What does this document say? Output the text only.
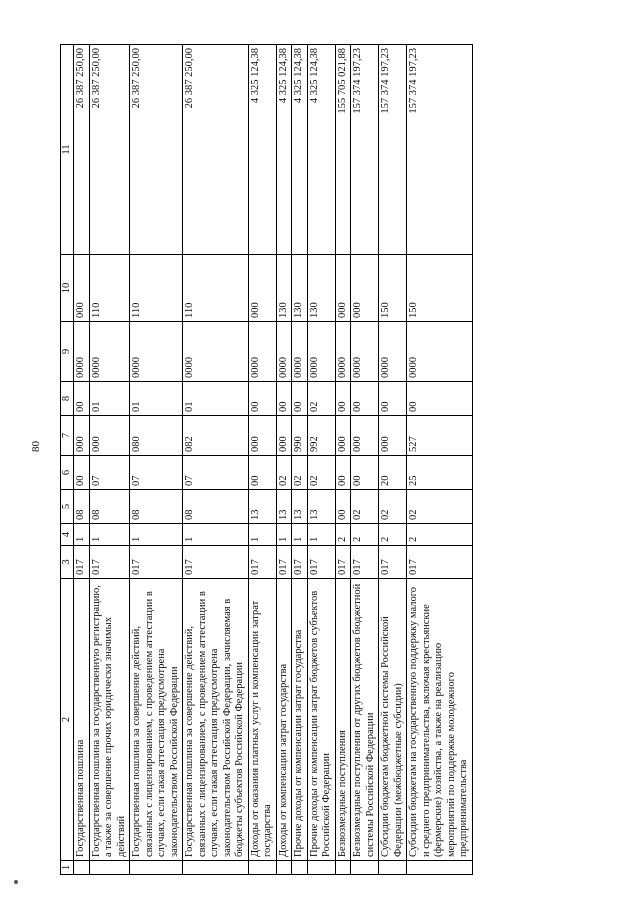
80
1	2	3	4	5	6	7	8	9	10	11
	Государственная пошлина	017	1	08	00	000	00	0000	000	26 387 250,00
	Государственная пошлина за государственную регистрацию, а также за совершение прочих юридически значимых действий	017	1	08	07	000	01	0000	110	26 387 250,00
	Государственная пошлина за совершение действий, связанных с лицензированием, с проведением аттестации в случаях, если такая аттестация предусмотрена законодательством Российской Федерации	017	1	08	07	080	01	0000	110	26 387 250,00
	Государственная пошлина за совершение действий, связанных с лицензированием, с проведением аттестации в случаях, если такая аттестация предусмотрена законодательством Российской Федерации, зачисляемая в бюджеты субъектов Российской Федерации	017	1	08	07	082	01	0000	110	26 387 250,00
	Доходы от оказания платных услуг и компенсации затрат государства	017	1	13	00	000	00	0000	000	4 325 124,38
	Доходы от компенсации затрат государства	017	1	13	02	000	00	0000	130	4 325 124,38
	Прочие доходы от компенсации затрат государства	017	1	13	02	990	00	0000	130	4 325 124,38
	Прочие доходы от компенсации затрат бюджетов субъектов Российской Федерации	017	1	13	02	992	02	0000	130	4 325 124,38
	Безвозмездные поступления	017	2	00	00	000	00	0000	000	155 705 021,88
	Безвозмездные поступления от других бюджетов бюджетной системы Российской Федерации	017	2	02	00	000	00	0000	000	157 374 197,23
	Субсидии бюджетам бюджетной системы Российской Федерации (межбюджетные субсидии)	017	2	02	20	000	00	0000	150	157 374 197,23
	Субсидии бюджетам на государственную поддержку малого и среднего предпринимательства, включая крестьянские (фермерские) хозяйства, а также на реализацию мероприятий по поддержке молодежного предпринимательства	017	2	02	25	527	00	0000	150	157 374 197,23
